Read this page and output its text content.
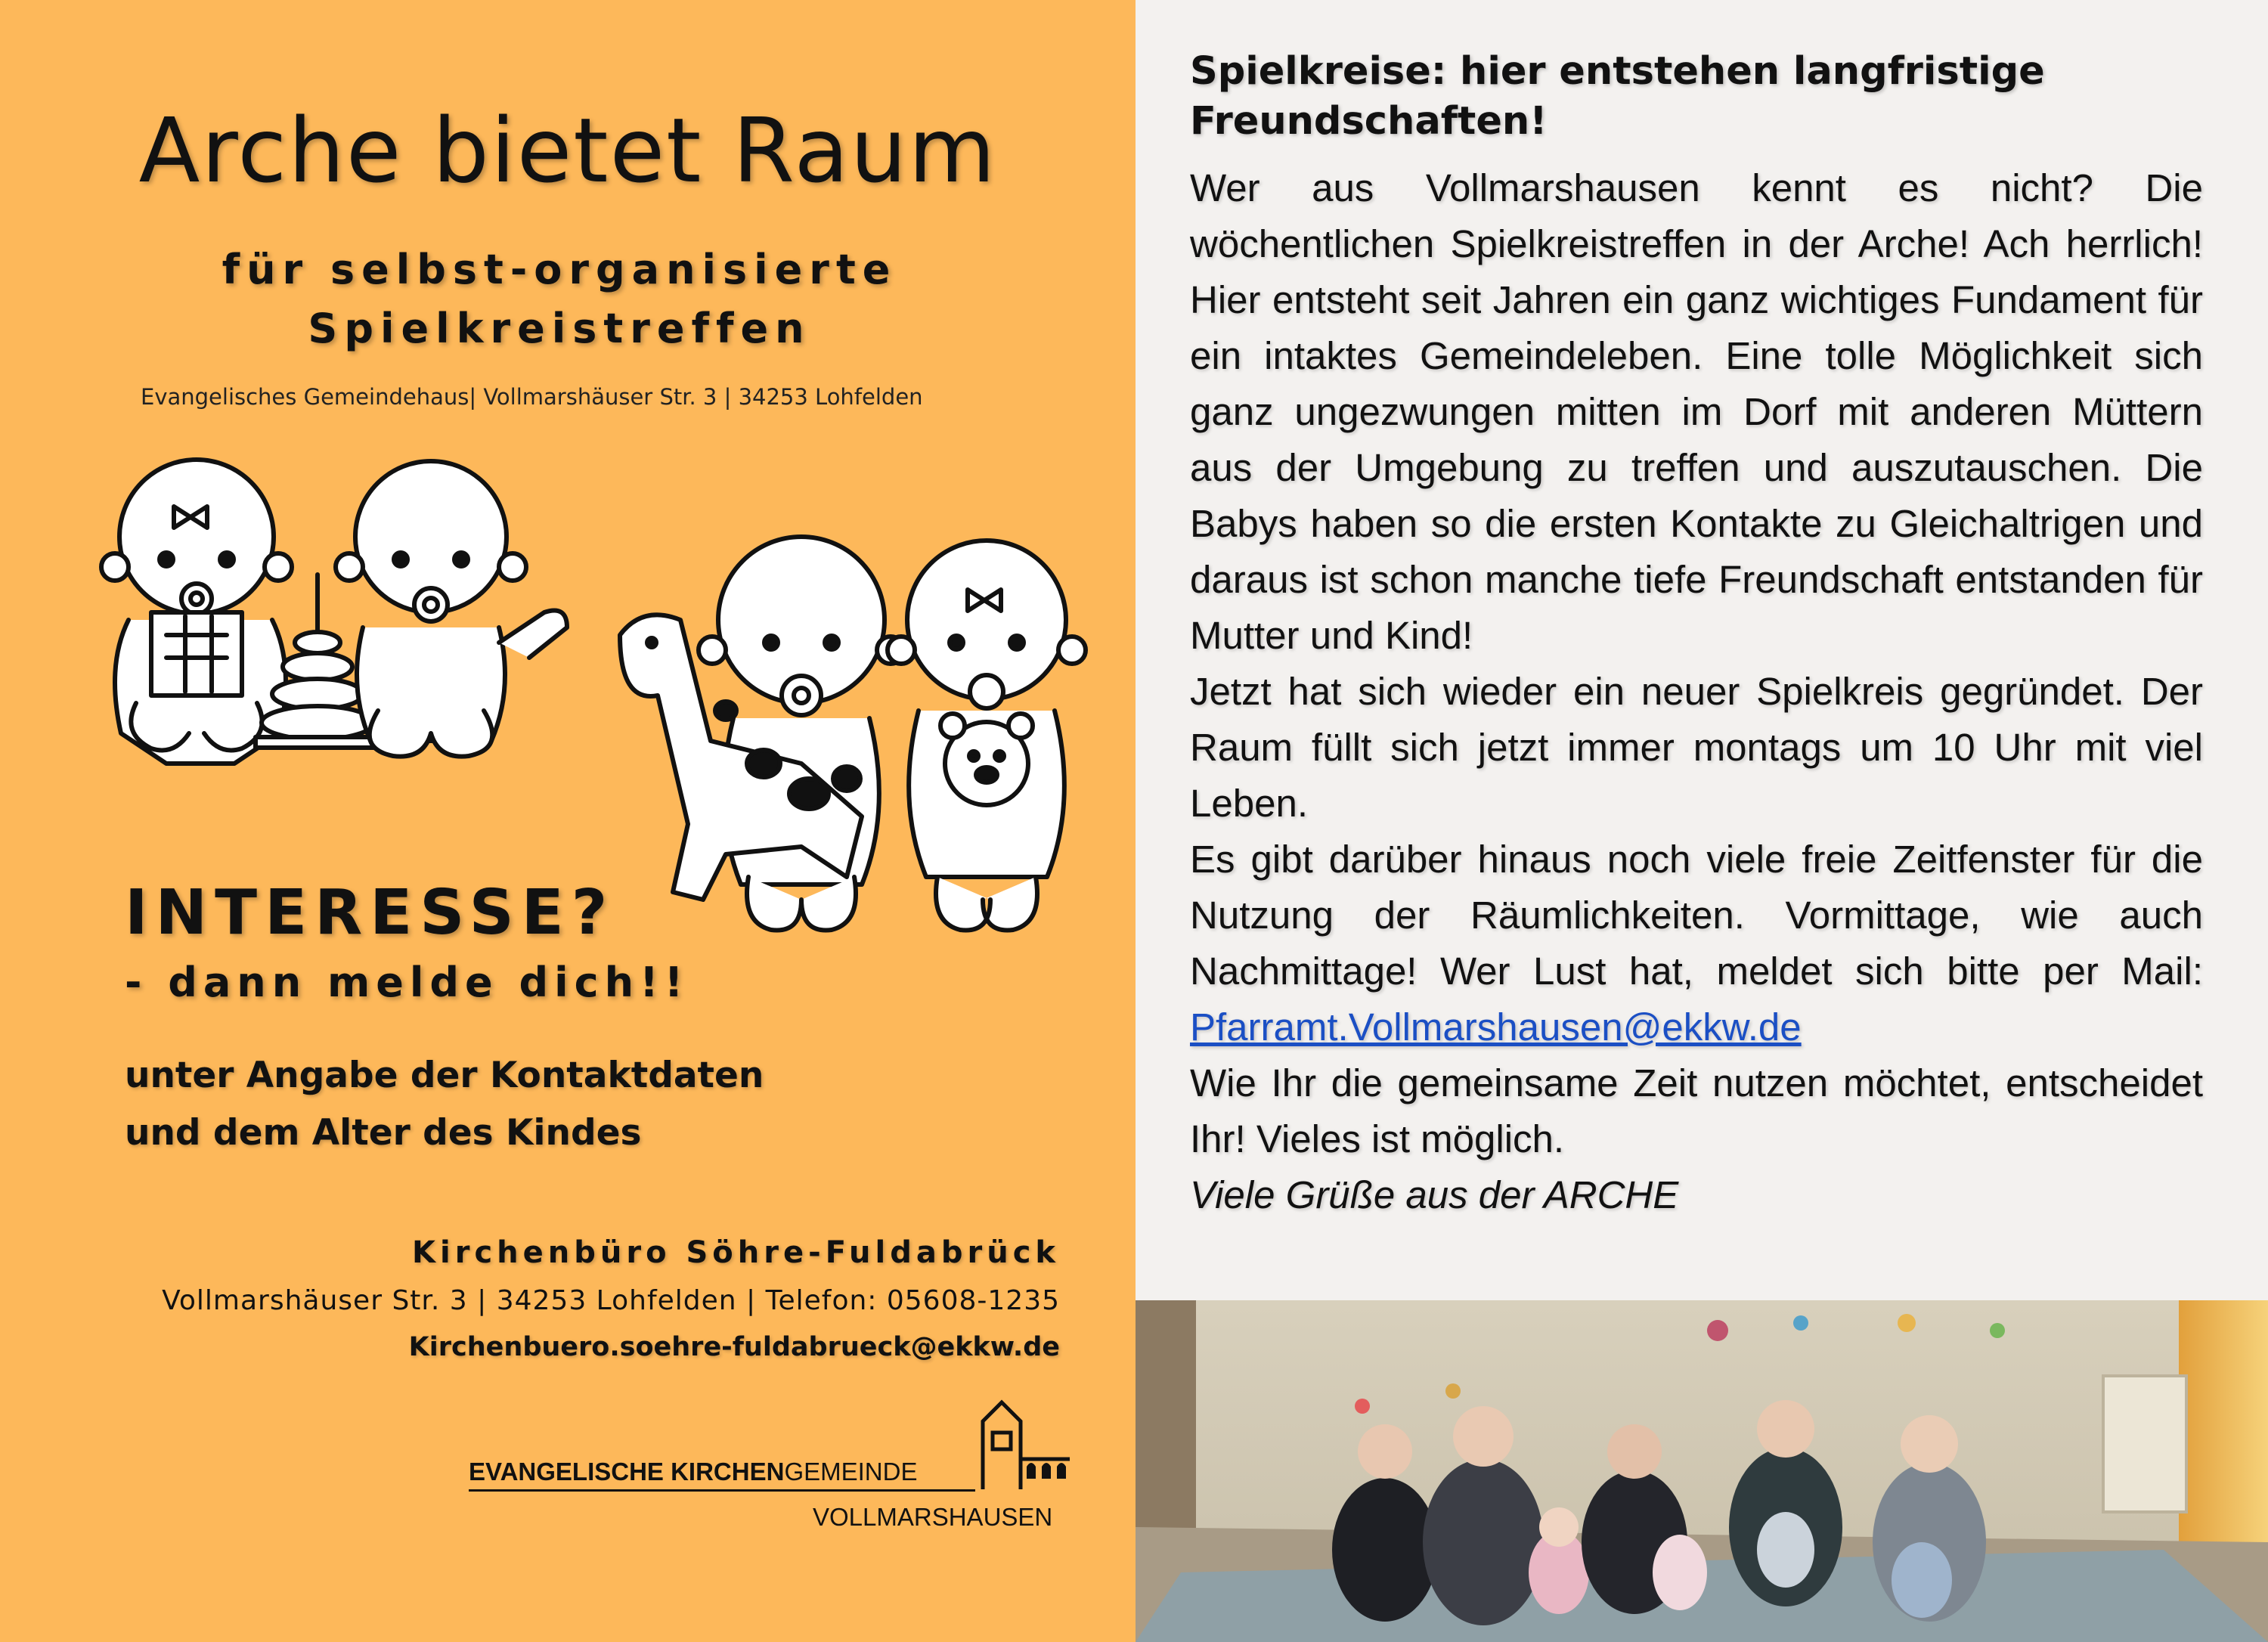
Arche bietet Raum
für selbst-organisierte
Spielkreistreffen
Evangelisches Gemeindehaus| Vollmarshäuser Str. 3 | 34253 Lohfelden
INTERESSE?
- dann melde dich!!
unter Angabe der Kontaktdaten
und dem Alter des Kindes
Kirchenbüro Söhre-Fuldabrück
Vollmarshäuser Str. 3 | 34253 Lohfelden | Telefon: 05608-1235
Kirchenbuero.soehre-fuldabrueck@ekkw.de
EVANGELISCHE KIRCHENGEMEINDE
VOLLMARSHAUSEN
Spielkreise: hier entstehen langfristige Freundschaften!

Wer aus Vollmarshausen kennt es nicht? Die wöchentlichen Spielkreistreffen in der Arche! Ach herrlich! Hier entsteht seit Jahren ein ganz wichtiges Fundament für ein intaktes Gemeindeleben. Eine tolle Möglichkeit sich ganz ungezwungen mitten im Dorf mit anderen Müttern aus der Umgebung zu treffen und auszutauschen. Die Babys haben so die ersten Kontakte zu Gleichaltrigen und daraus ist schon manche tiefe Freundschaft entstanden für Mutter und Kind!

Jetzt hat sich wieder ein neuer Spielkreis gegründet. Der Raum füllt sich jetzt immer montags um 10 Uhr mit viel Leben.

Es gibt darüber hinaus noch viele freie Zeitfenster für die Nutzung der Räumlichkeiten. Vormittage, wie auch Nachmittage! Wer Lust hat, meldet sich bitte per Mail: Pfarramt.Vollmarshausen@ekkw.de

Wie Ihr die gemeinsame Zeit nutzen möchtet, entscheidet Ihr! Vieles ist möglich.

Viele Grüße aus der ARCHE
